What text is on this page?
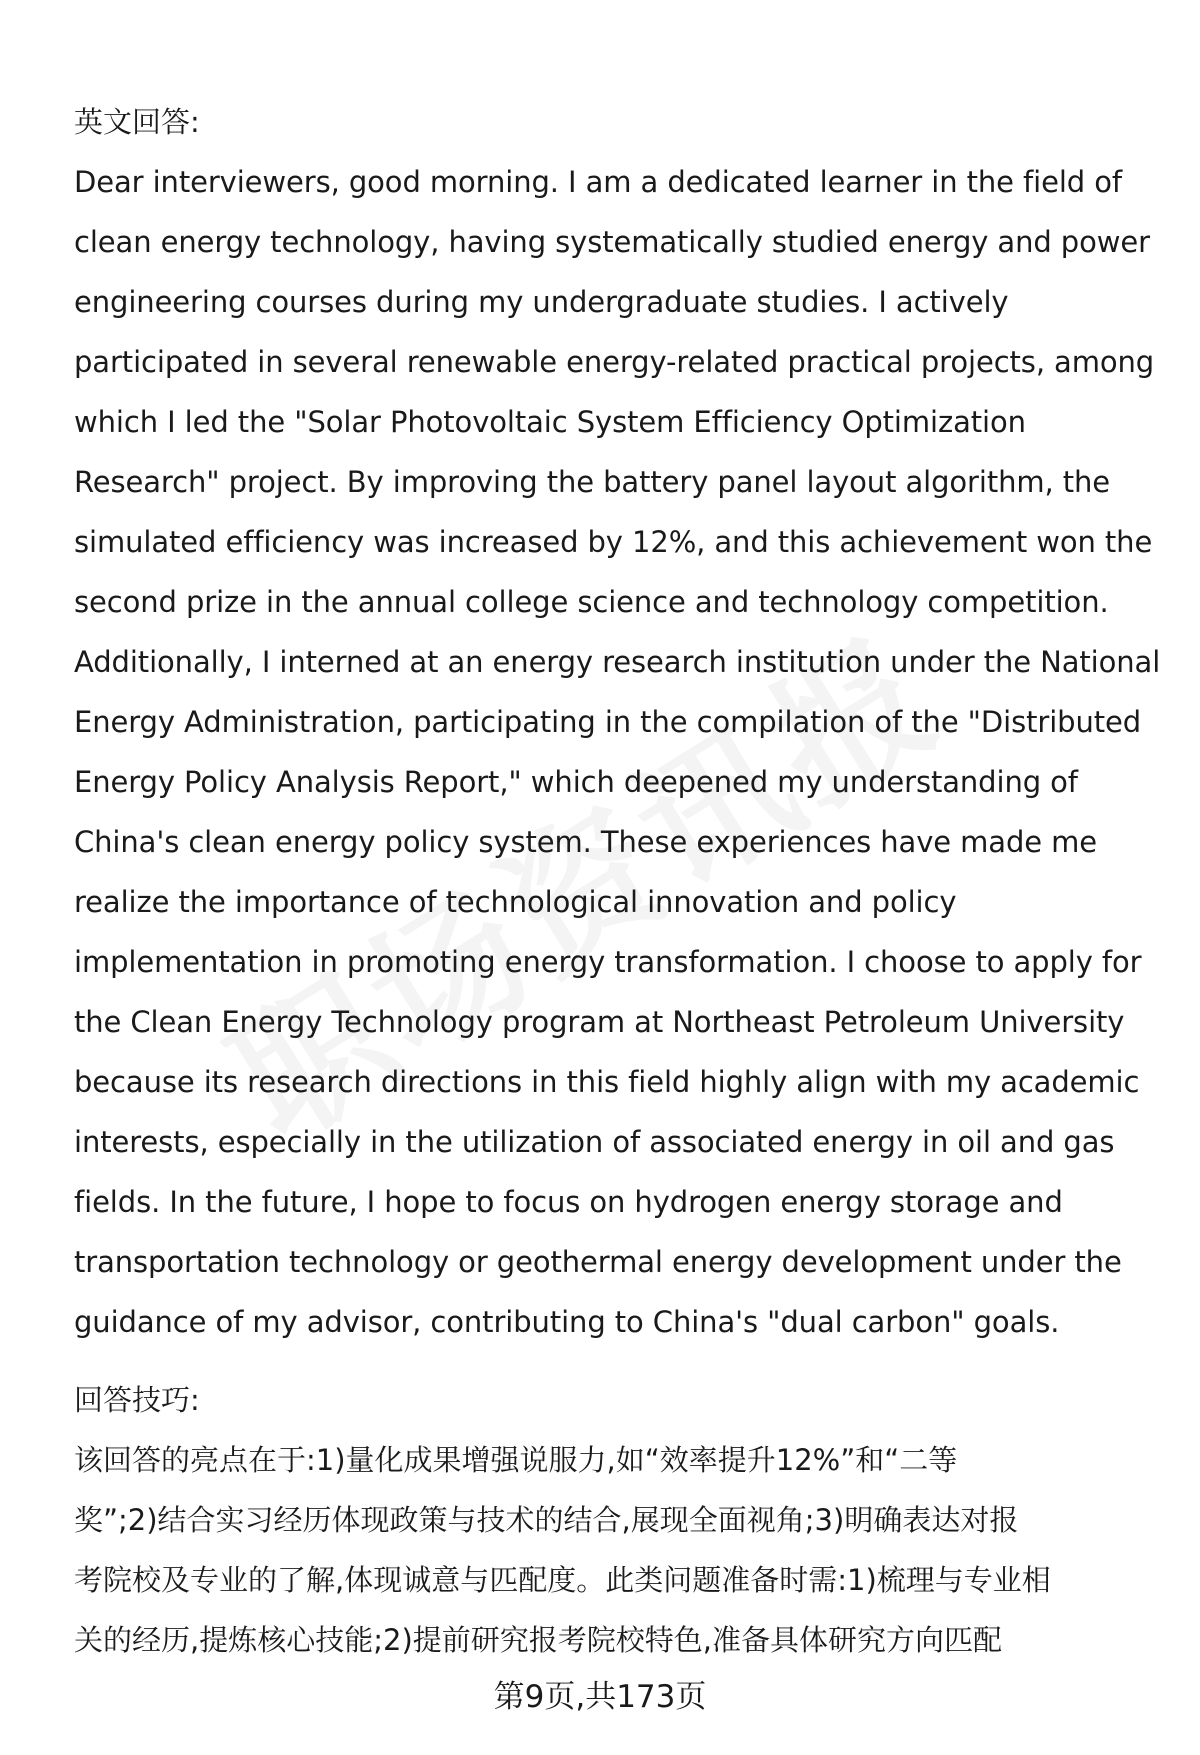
英文回答:
Dear interviewers, good morning. I am a dedicated learner in the field of
clean energy technology, having systematically studied energy and power
engineering courses during my undergraduate studies. I actively
participated in several renewable energy-related practical projects, among
which I led the "Solar Photovoltaic System Efficiency Optimization
Research" project. By improving the battery panel layout algorithm, the
simulated efficiency was increased by 12%, and this achievement won the
second prize in the annual college science and technology competition.
Additionally, I interned at an energy research institution under the National
Energy Administration, participating in the compilation of the "Distributed
Energy Policy Analysis Report," which deepened my understanding of
China's clean energy policy system. These experiences have made me
realize the importance of technological innovation and policy
implementation in promoting energy transformation. I choose to apply for
the Clean Energy Technology program at Northeast Petroleum University
because its research directions in this field highly align with my academic
interests, especially in the utilization of associated energy in oil and gas
fields. In the future, I hope to focus on hydrogen energy storage and
transportation technology or geothermal energy development under the
guidance of my advisor, contributing to China's "dual carbon" goals.
回答技巧:
该回答的亮点在于:1)量化成果增强说服力,如“效率提升12%”和“二等
奖”;2)结合实习经历体现政策与技术的结合,展现全面视角;3)明确表达对报
考院校及专业的了解,体现诚意与匹配度。此类问题准备时需:1)梳理与专业相
关的经历,提炼核心技能;2)提前研究报考院校特色,准备具体研究方向匹配
第9页,共173页
